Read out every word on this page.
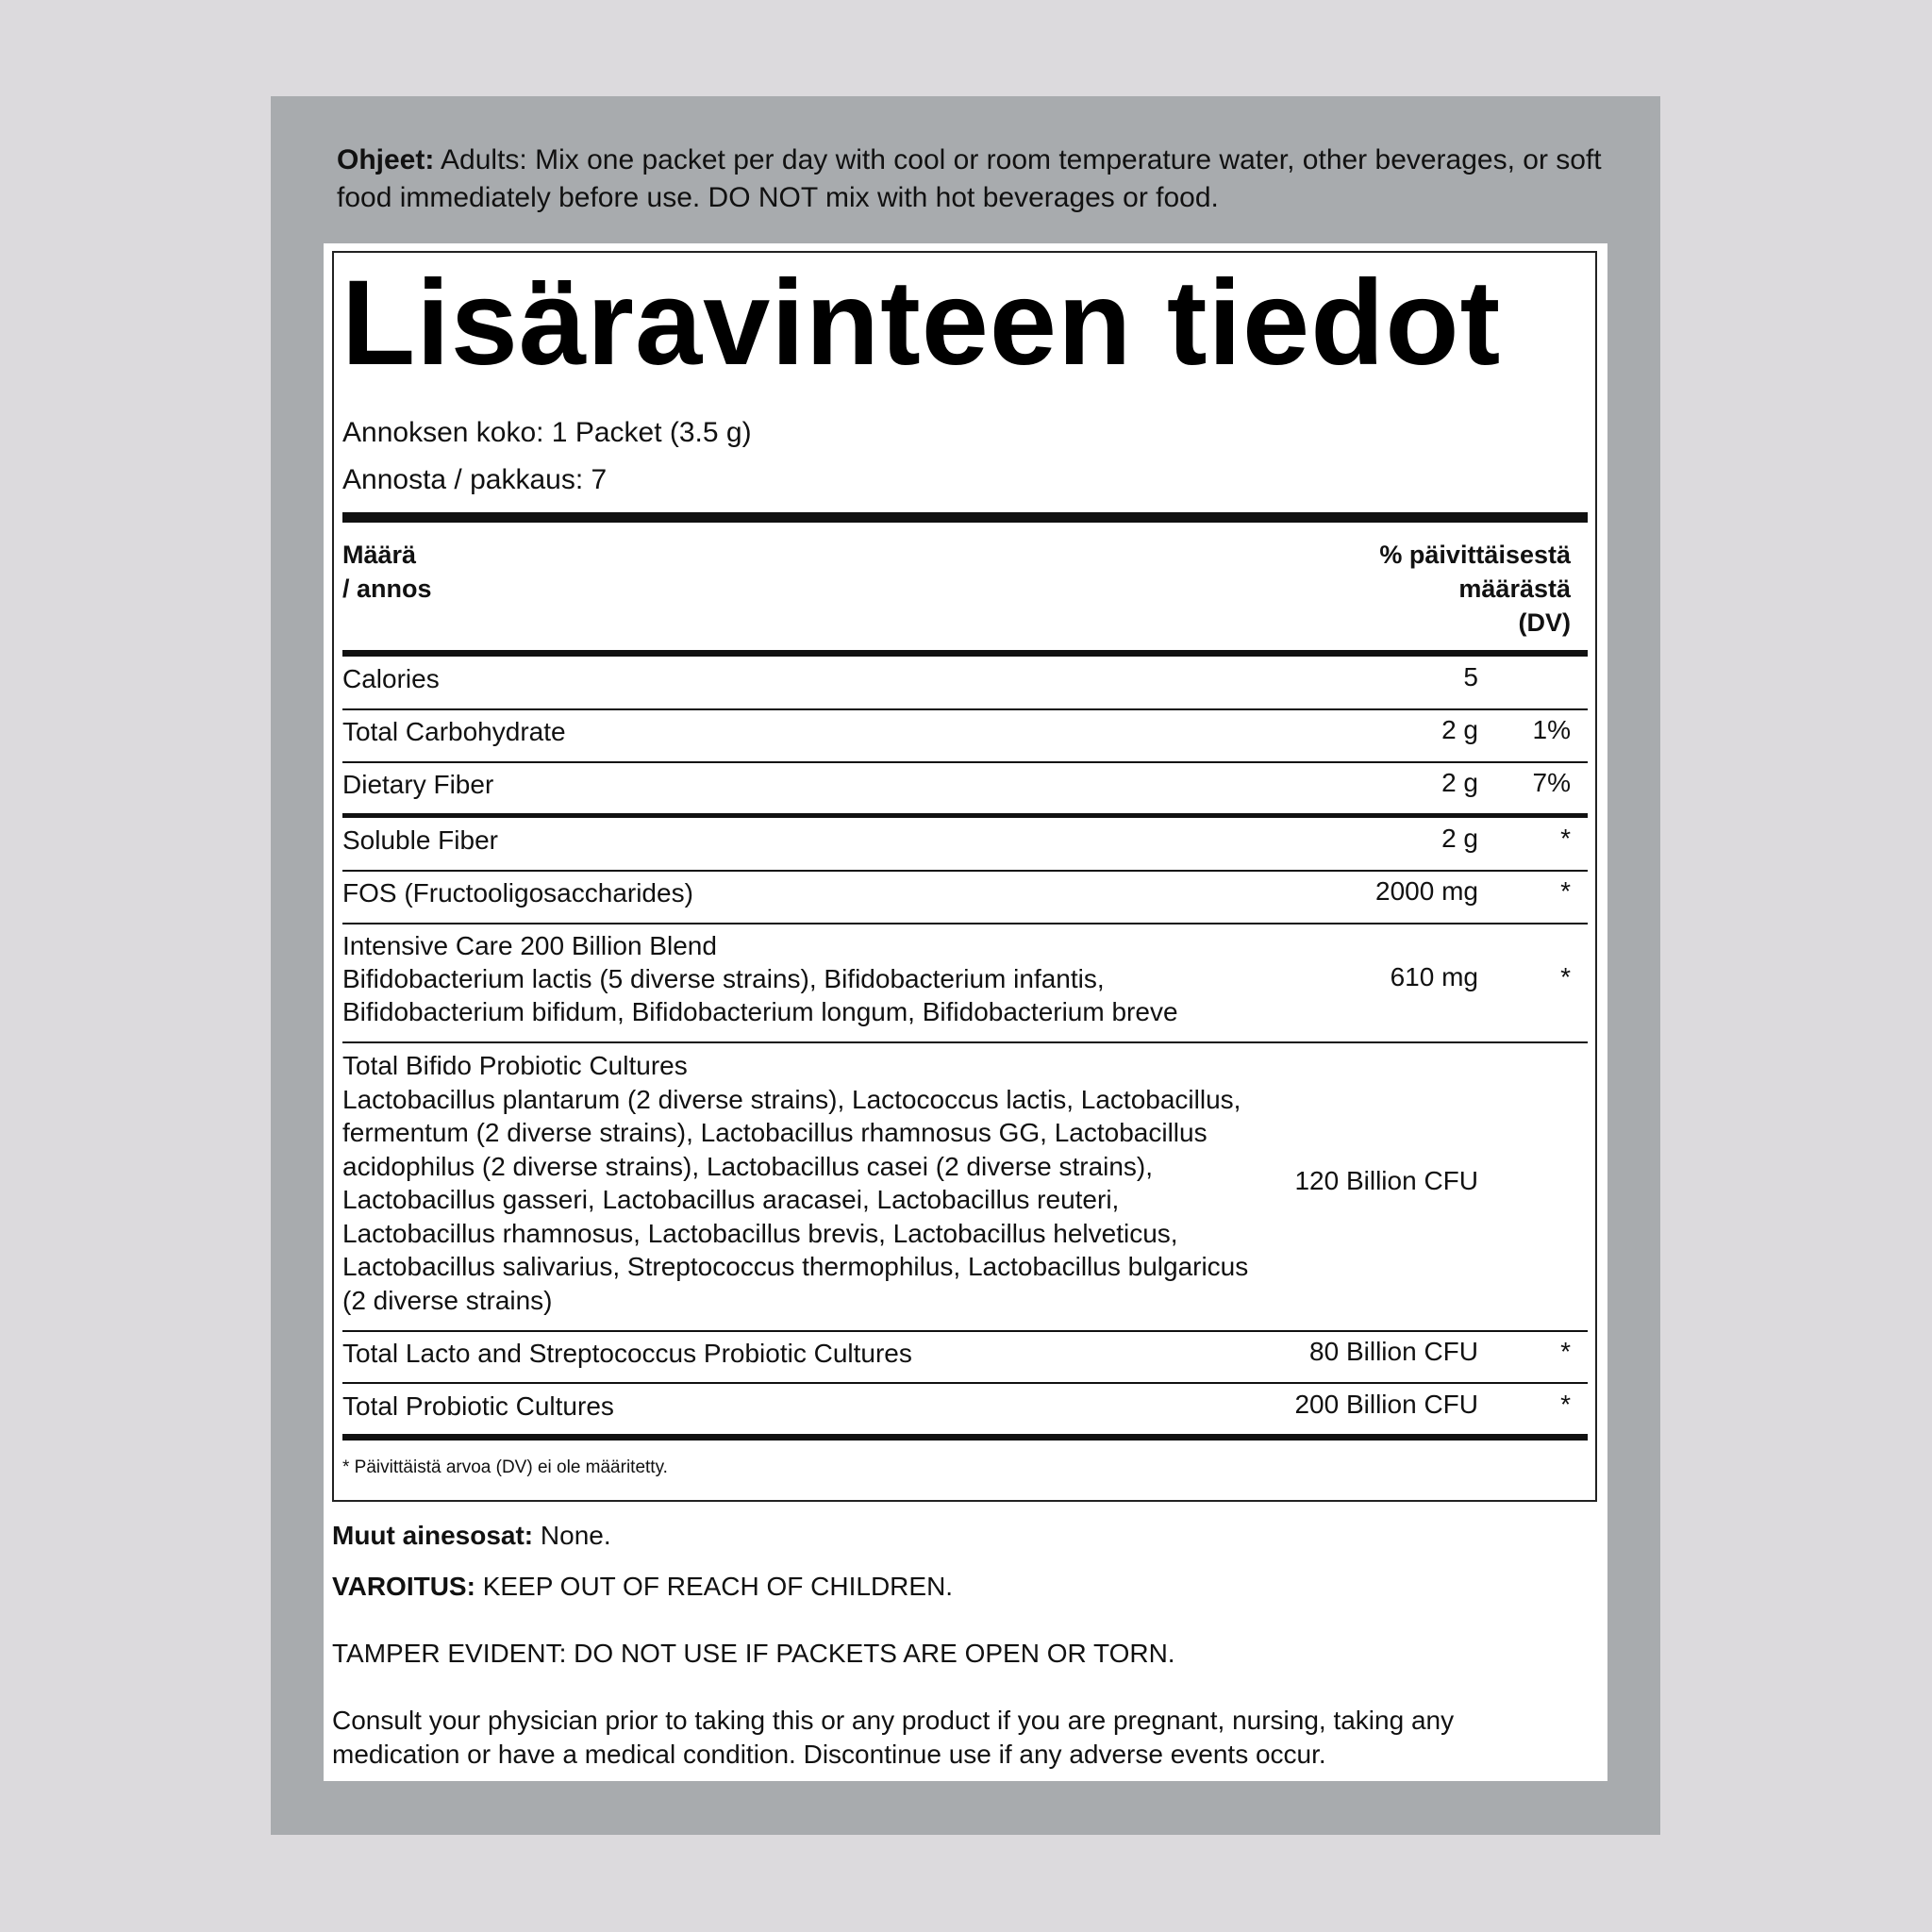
Ohjeet: Adults: Mix one packet per day with cool or room temperature water, other beverages, or soft food immediately before use. DO NOT mix with hot beverages or food.
Lisäravinteen tiedot
Annoksen koko: 1 Packet (3.5 g)
Annosta / pakkaus: 7
Määrä
/ annos
% päivittäisestä
määrästä
(DV)
Calories	5
Total Carbohydrate	2 g 1%
Dietary Fiber	2 g 7%
Soluble Fiber	2 g	*
FOS (Fructooligosaccharides)	2000 mg	*
Intensive Care 200 Billion Blend
Bifidobacterium lactis (5 diverse strains), Bifidobacterium infantis,
Bifidobacterium bifidum, Bifidobacterium longum, Bifidobacterium breve
610 mg	*
Total Bifido Probiotic Cultures
Lactobacillus plantarum (2 diverse strains), Lactococcus lactis, Lactobacillus,
fermentum (2 diverse strains), Lactobacillus rhamnosus GG, Lactobacillus
acidophilus (2 diverse strains), Lactobacillus casei (2 diverse strains),
Lactobacillus gasseri, Lactobacillus aracasei, Lactobacillus reuteri,
Lactobacillus rhamnosus, Lactobacillus brevis, Lactobacillus helveticus,
Lactobacillus salivarius, Streptococcus thermophilus, Lactobacillus bulgaricus
(2 diverse strains)
120 Billion CFU
Total Lacto and Streptococcus Probiotic Cultures	80 Billion CFU	*
Total Probiotic Cultures	200 Billion CFU	*
* Päivittäistä arvoa (DV) ei ole määritetty.
Muut ainesosat: None.
VAROITUS: KEEP OUT OF REACH OF CHILDREN.
TAMPER EVIDENT: DO NOT USE IF PACKETS ARE OPEN OR TORN.
Consult your physician prior to taking this or any product if you are pregnant, nursing, taking any medication or have a medical condition. Discontinue use if any adverse events occur.
